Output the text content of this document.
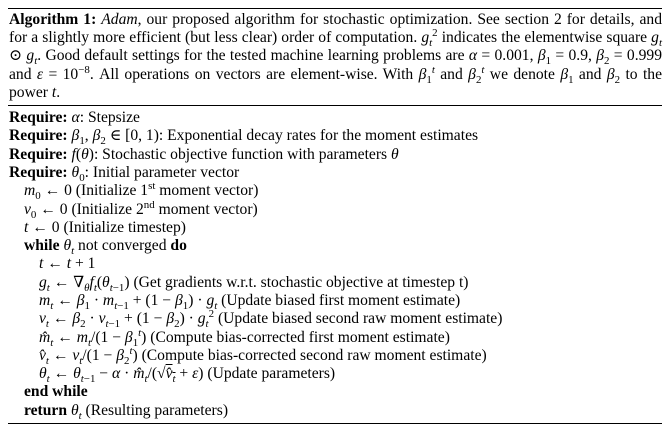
Algorithm 1: Adam, our proposed algorithm for stochastic optimization. See section 2 for details, and for a slightly more efficient (but less clear) order of computation. $g_t^2$ indicates the elementwise square $g_t$ ⊙ $g_t$. Good default settings for the tested machine learning problems are α = 0.001, $\beta_1 = 0.9$, $\beta_2 = 0.999$ and $\varepsilon = 10^{-8}$. All operations on vectors are element-wise. With $\beta_1^t$ and $\beta_2^t$ we denote $\beta_1$ and $\beta_2$ to the power t.
Require: α: Stepsize
Require: $\beta_1$, $\beta_2$ ∈ [0, 1): Exponential decay rates for the moment estimates
Require: f(θ): Stochastic objective function with parameters θ
Require: $\theta_0$: Initial parameter vector
$m_0$ ← 0 (Initialize 1st moment vector)
$v_0$ ← 0 (Initialize 2nd moment vector)
t ← 0 (Initialize timestep)
while $\theta_t$ not converged do
t ← t + 1
$g_t$ ← $\nabla_\theta f_t(\theta_{t-1})$ (Get gradients w.r.t. stochastic objective at timestep t)
$m_t$ ← $\beta_1 \cdot m_{t-1} + (1 - \beta_1) \cdot g_t$ (Update biased first moment estimate)
$v_t$ ← $\beta_2 \cdot v_{t-1} + (1 - \beta_2) \cdot g_t^2$ (Update biased second raw moment estimate)
$m̂_t$ ← $m_t/(1 - \beta_1^t)$ (Compute bias-corrected first moment estimate)
$v̂_t$ ← $v_t/(1 - \beta_2^t)$ (Compute bias-corrected second raw moment estimate)
$\theta_t$ ← $\theta_{t-1} - \alpha$ · $m̂_t/(√v̂_t + \varepsilon)$ (Update parameters)
end while
return $\theta_t$ (Resulting parameters)
